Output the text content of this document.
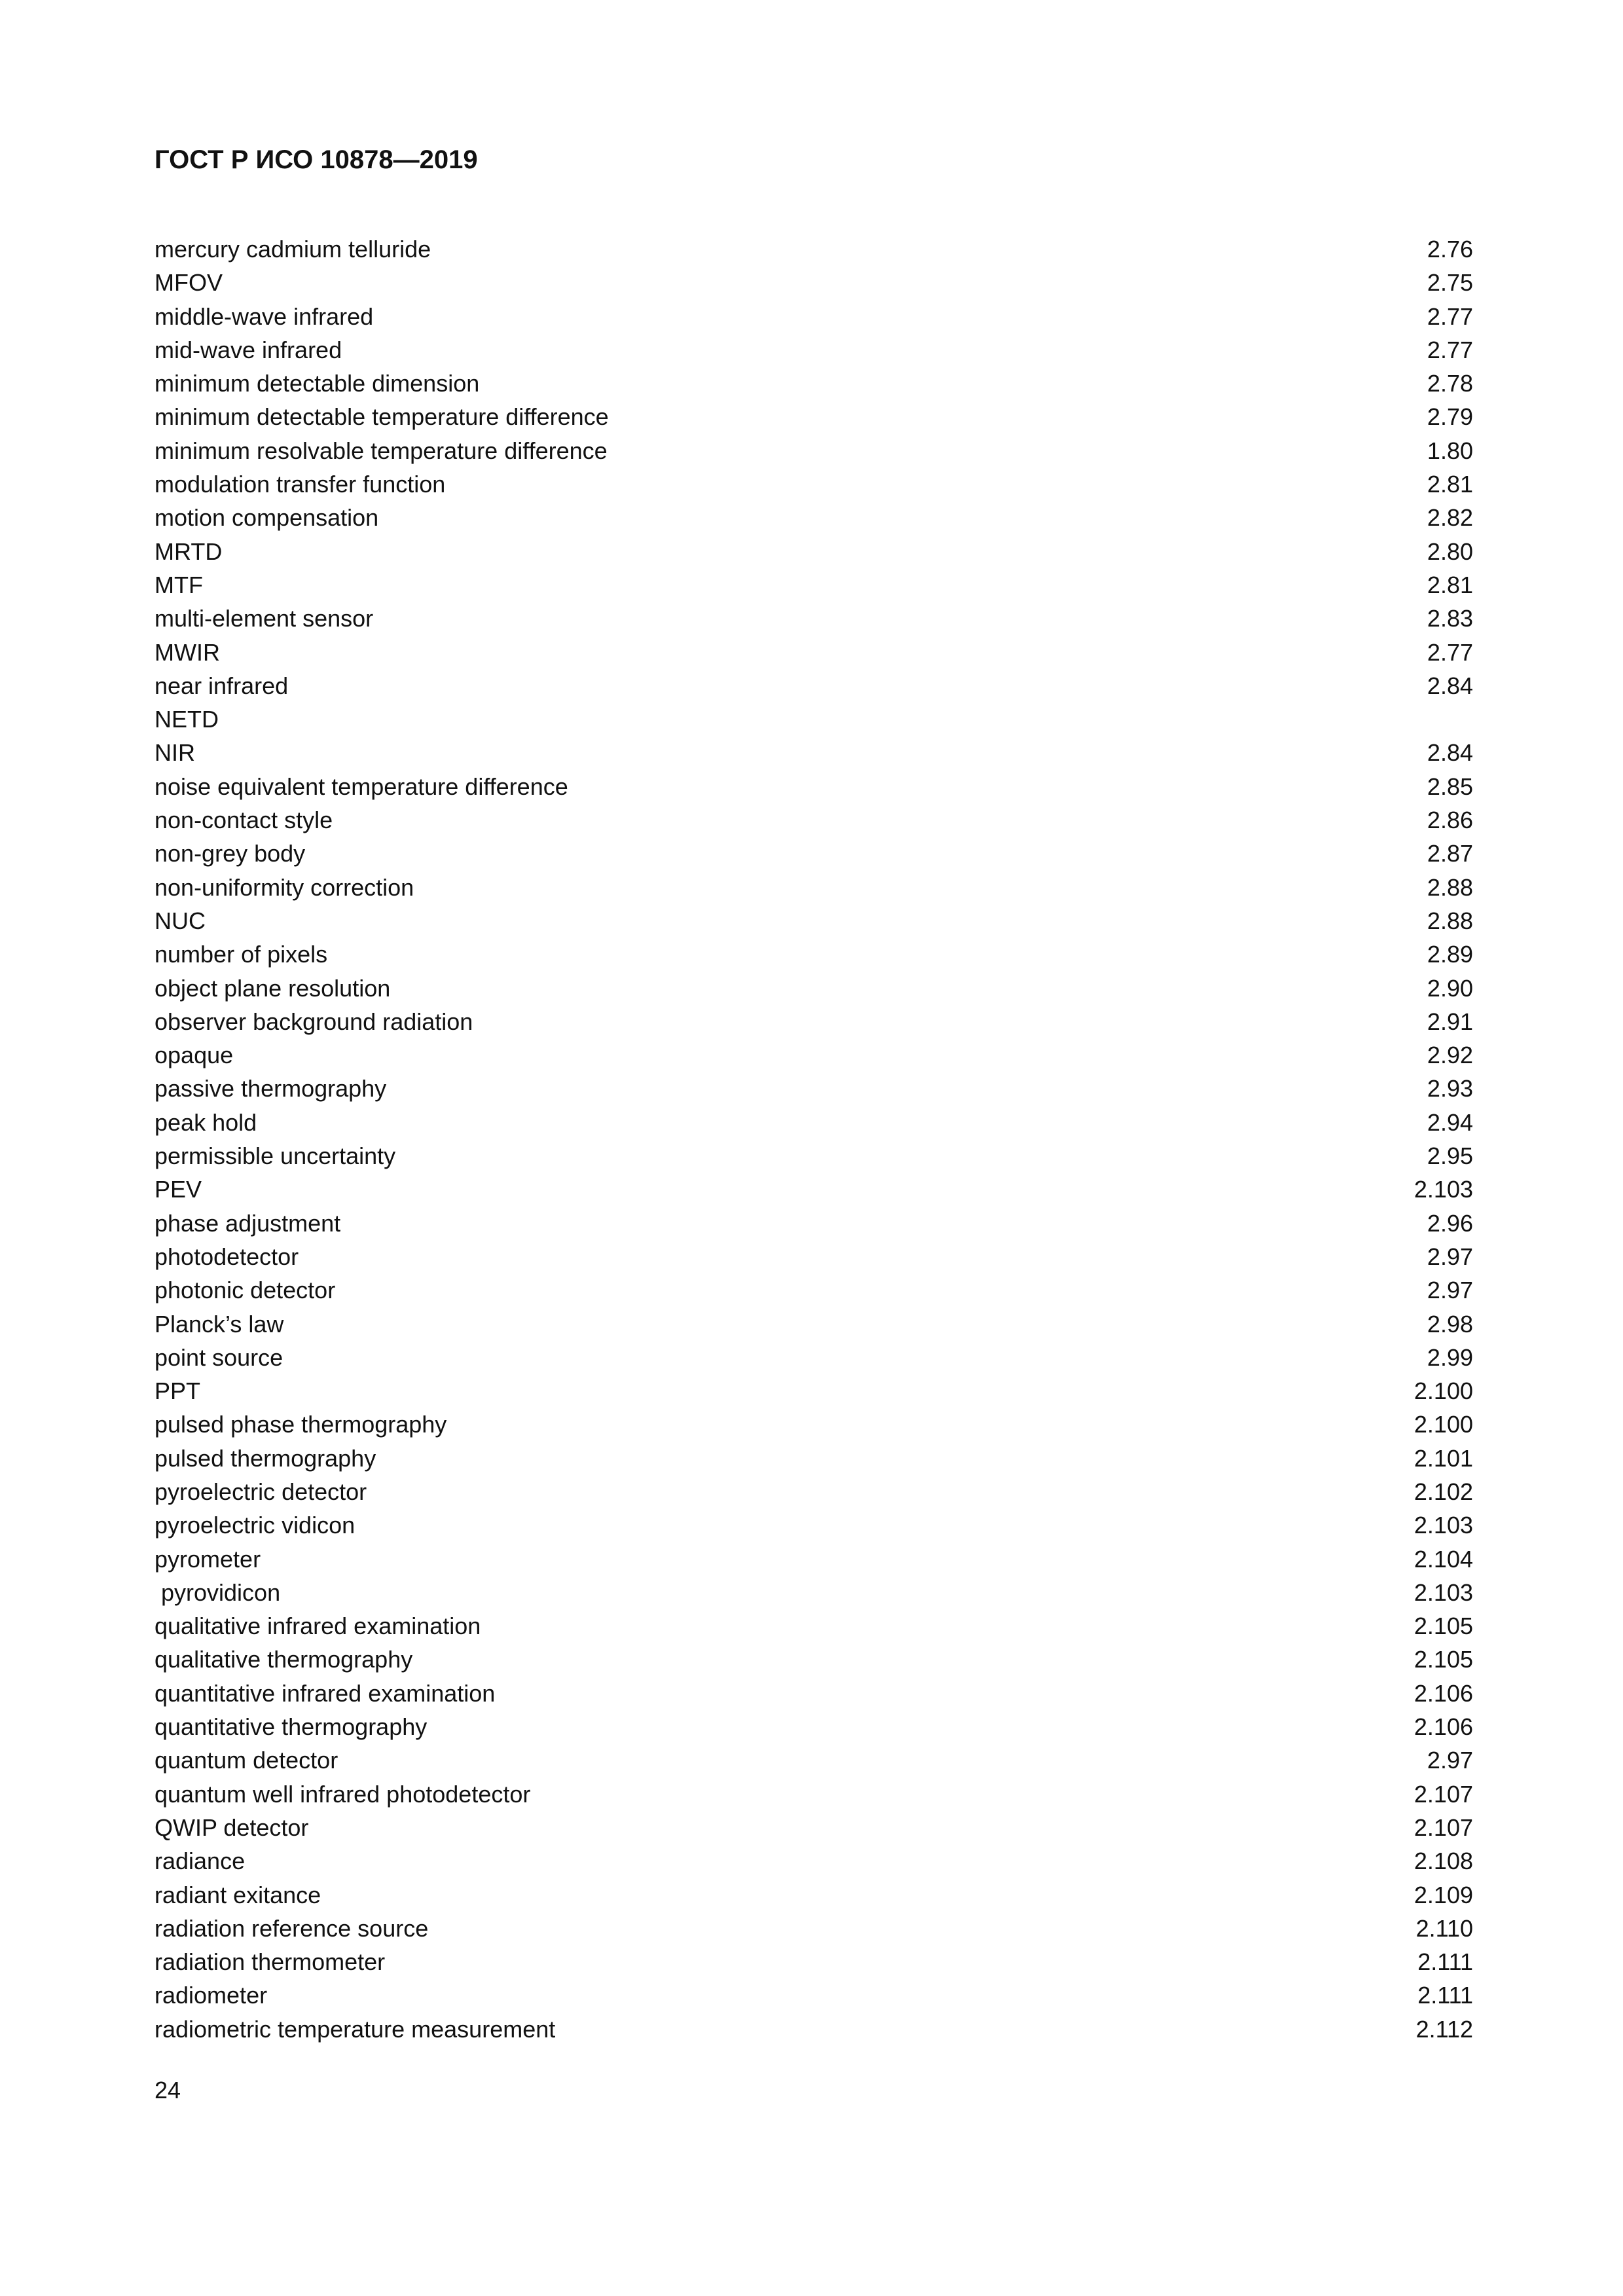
ГОСТ Р ИСО 10878—2019
mercury cadmium telluride	2.76
MFOV	2.75
middle-wave infrared	2.77
mid-wave infrared	2.77
minimum detectable dimension	2.78
minimum detectable temperature difference	2.79
minimum resolvable temperature difference	1.80
modulation transfer function	2.81
motion compensation	2.82
MRTD	2.80
MTF	2.81
multi-element sensor	2.83
MWIR	2.77
near infrared	2.84
NETD
NIR	2.84
noise equivalent temperature difference	2.85
non-contact style	2.86
non-grey body	2.87
non-uniformity correction	2.88
NUC	2.88
number of pixels	2.89
object plane resolution	2.90
observer background radiation	2.91
opaque	2.92
passive thermography	2.93
peak hold	2.94
permissible uncertainty	2.95
PEV	2.103
phase adjustment	2.96
photodetector	2.97
photonic detector	2.97
Planck’s law	2.98
point source	2.99
PPT	2.100
pulsed phase thermography	2.100
pulsed thermography	2.101
pyroelectric detector	2.102
pyroelectric vidicon	2.103
pyrometer	2.104
pyrovidicon	2.103
qualitative infrared examination	2.105
qualitative thermography	2.105
quantitative infrared examination	2.106
quantitative thermography	2.106
quantum detector	2.97
quantum well infrared photodetector	2.107
QWIP detector	2.107
radiance	2.108
radiant exitance	2.109
radiation reference source	2.110
radiation thermometer	2.111
radiometer	2.111
radiometric temperature measurement	2.112
24
